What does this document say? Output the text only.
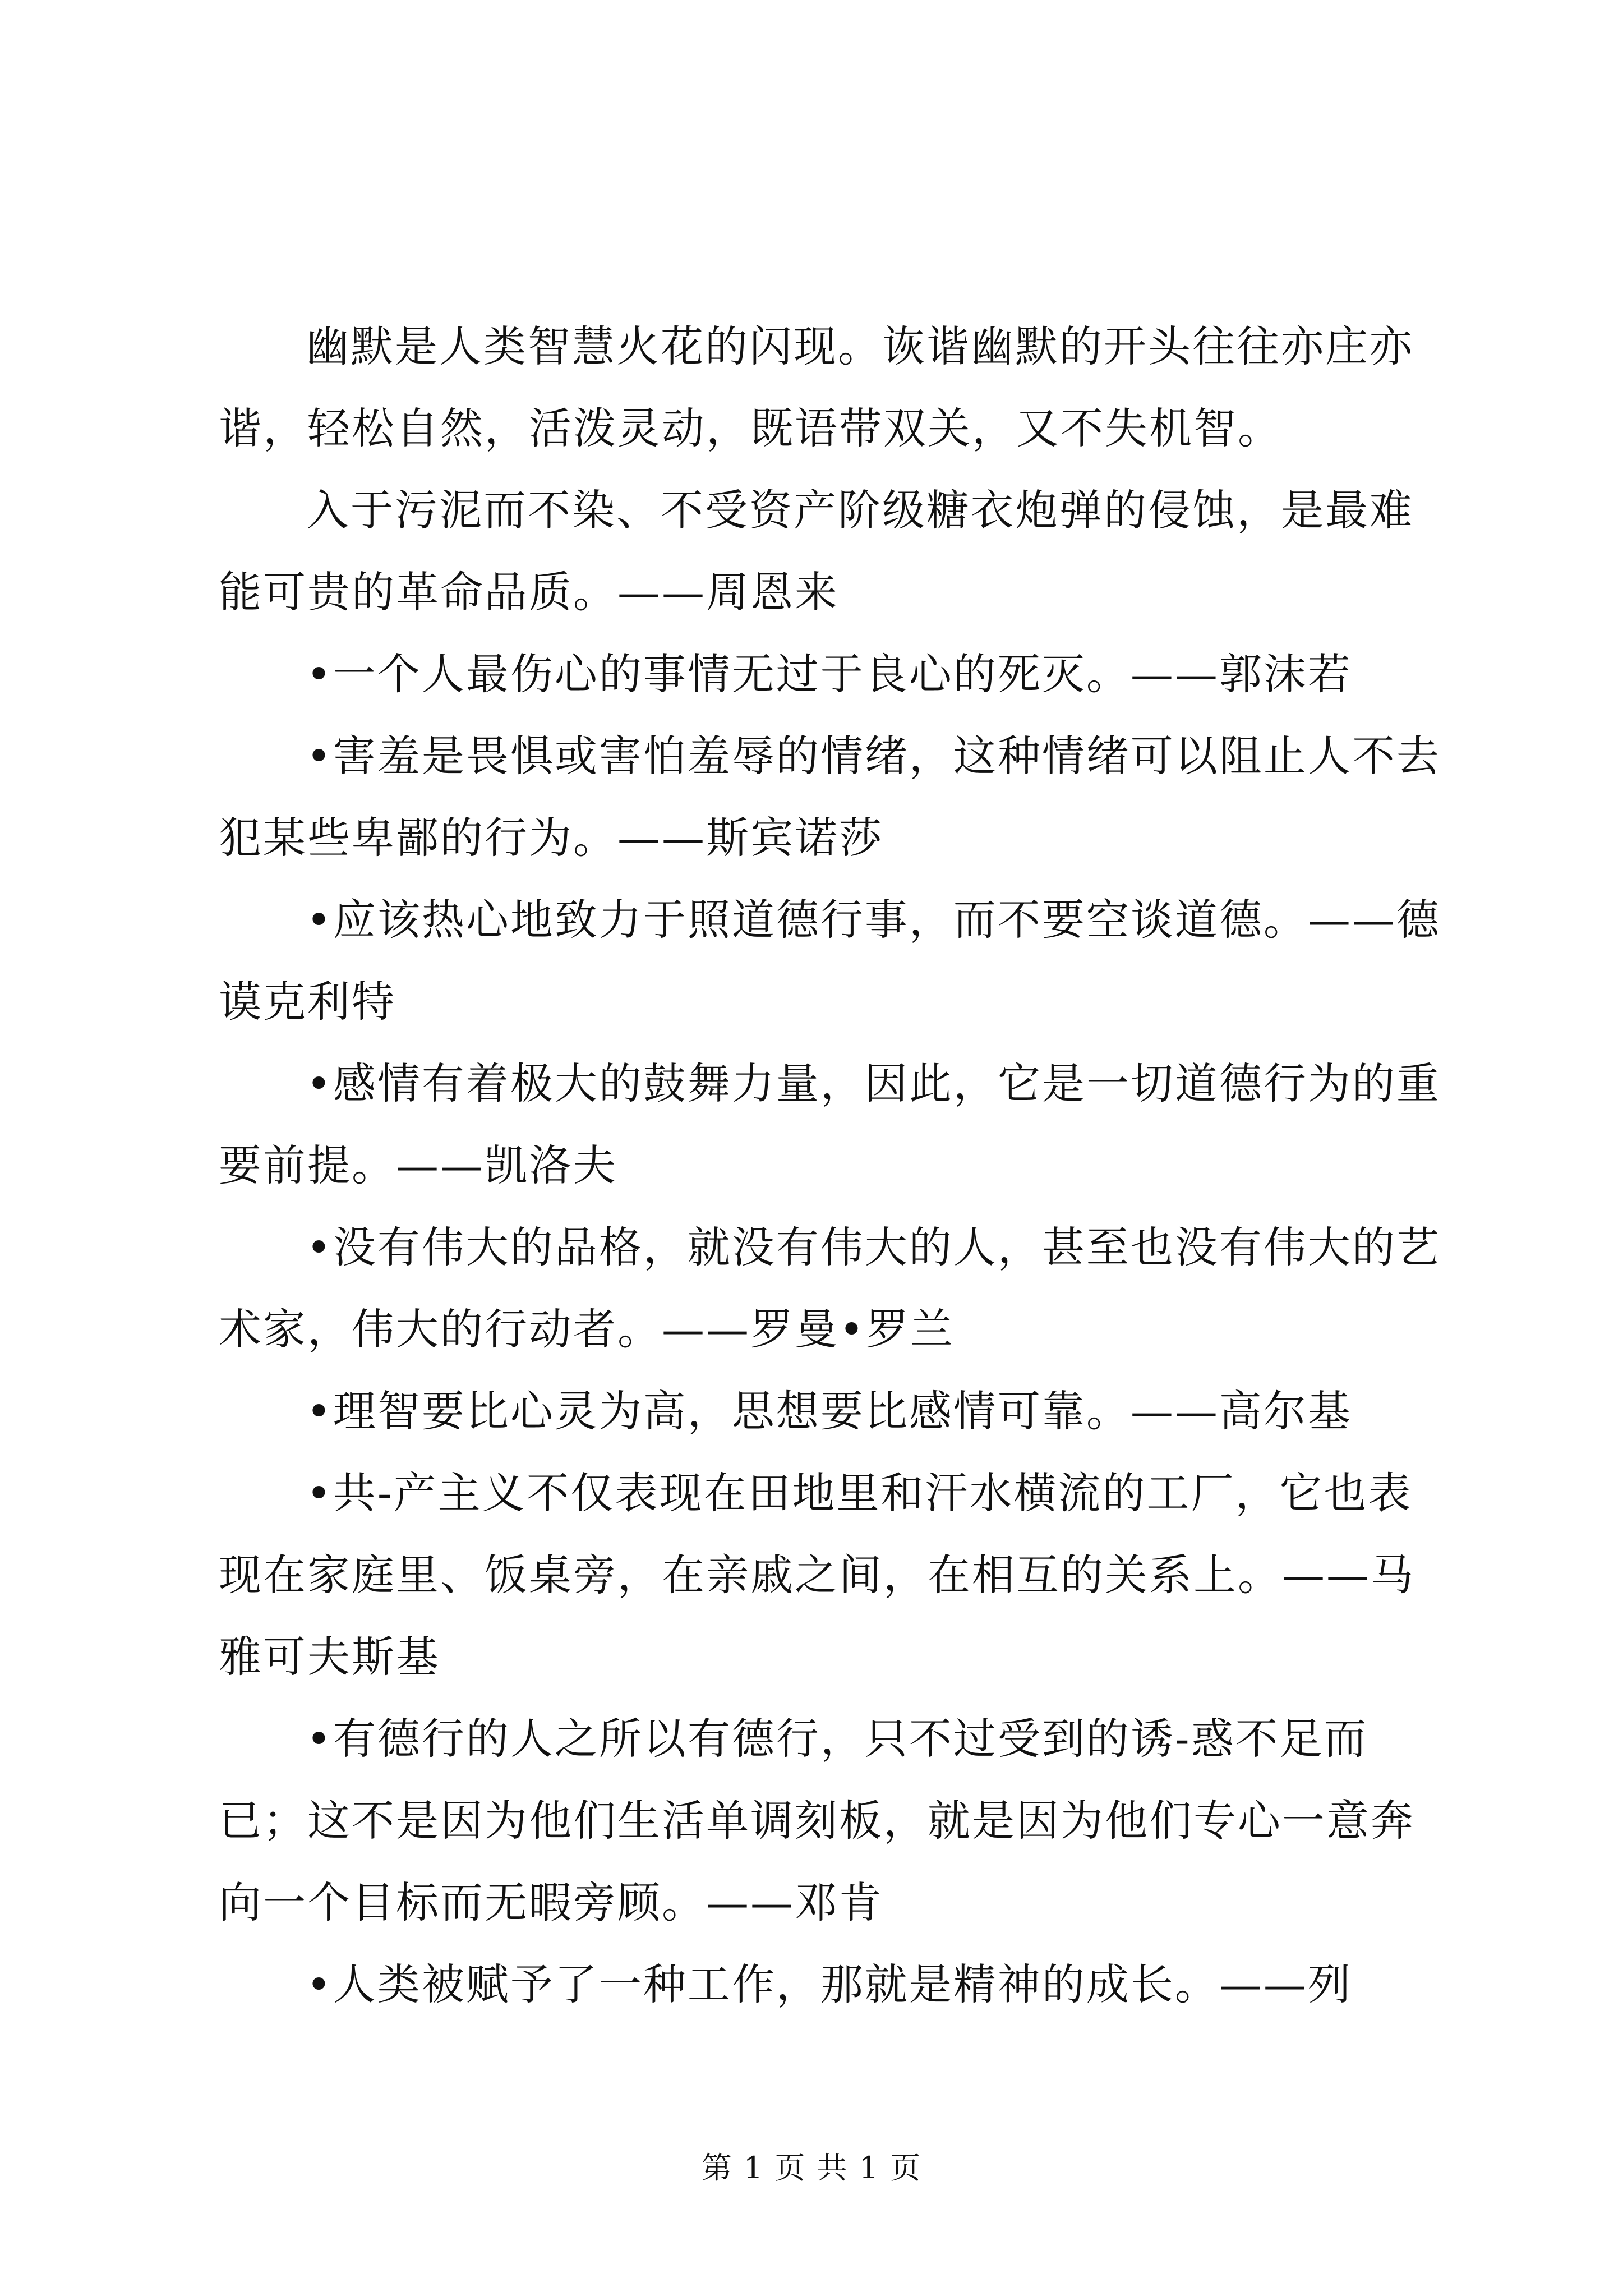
幽默是人类智慧火花的闪现。诙谐幽默的开头往往亦庄亦谐，轻松自然，活泼灵动，既语带双关，又不失机智。

入于污泥而不染、不受资产阶级糖衣炮弹的侵蚀，是最难能可贵的革命品质。——周恩来

•一个人最伤心的事情无过于良心的死灭。——郭沫若

•害羞是畏惧或害怕羞辱的情绪，这种情绪可以阻止人不去犯某些卑鄙的行为。——斯宾诺莎

•应该热心地致力于照道德行事，而不要空谈道德。——德谟克利特

•感情有着极大的鼓舞力量，因此，它是一切道德行为的重要前提。——凯洛夫

•没有伟大的品格，就没有伟大的人，甚至也没有伟大的艺术家，伟大的行动者。——罗曼•罗兰

•理智要比心灵为高，思想要比感情可靠。——高尔基

•共-产主义不仅表现在田地里和汗水横流的工厂，它也表现在家庭里、饭桌旁，在亲戚之间，在相互的关系上。——马雅可夫斯基

•有德行的人之所以有德行，只不过受到的诱-惑不足而已；这不是因为他们生活单调刻板，就是因为他们专心一意奔向一个目标而无暇旁顾。——邓肯

•人类被赋予了一种工作，那就是精神的成长。——列

第 1 页 共 1 页
